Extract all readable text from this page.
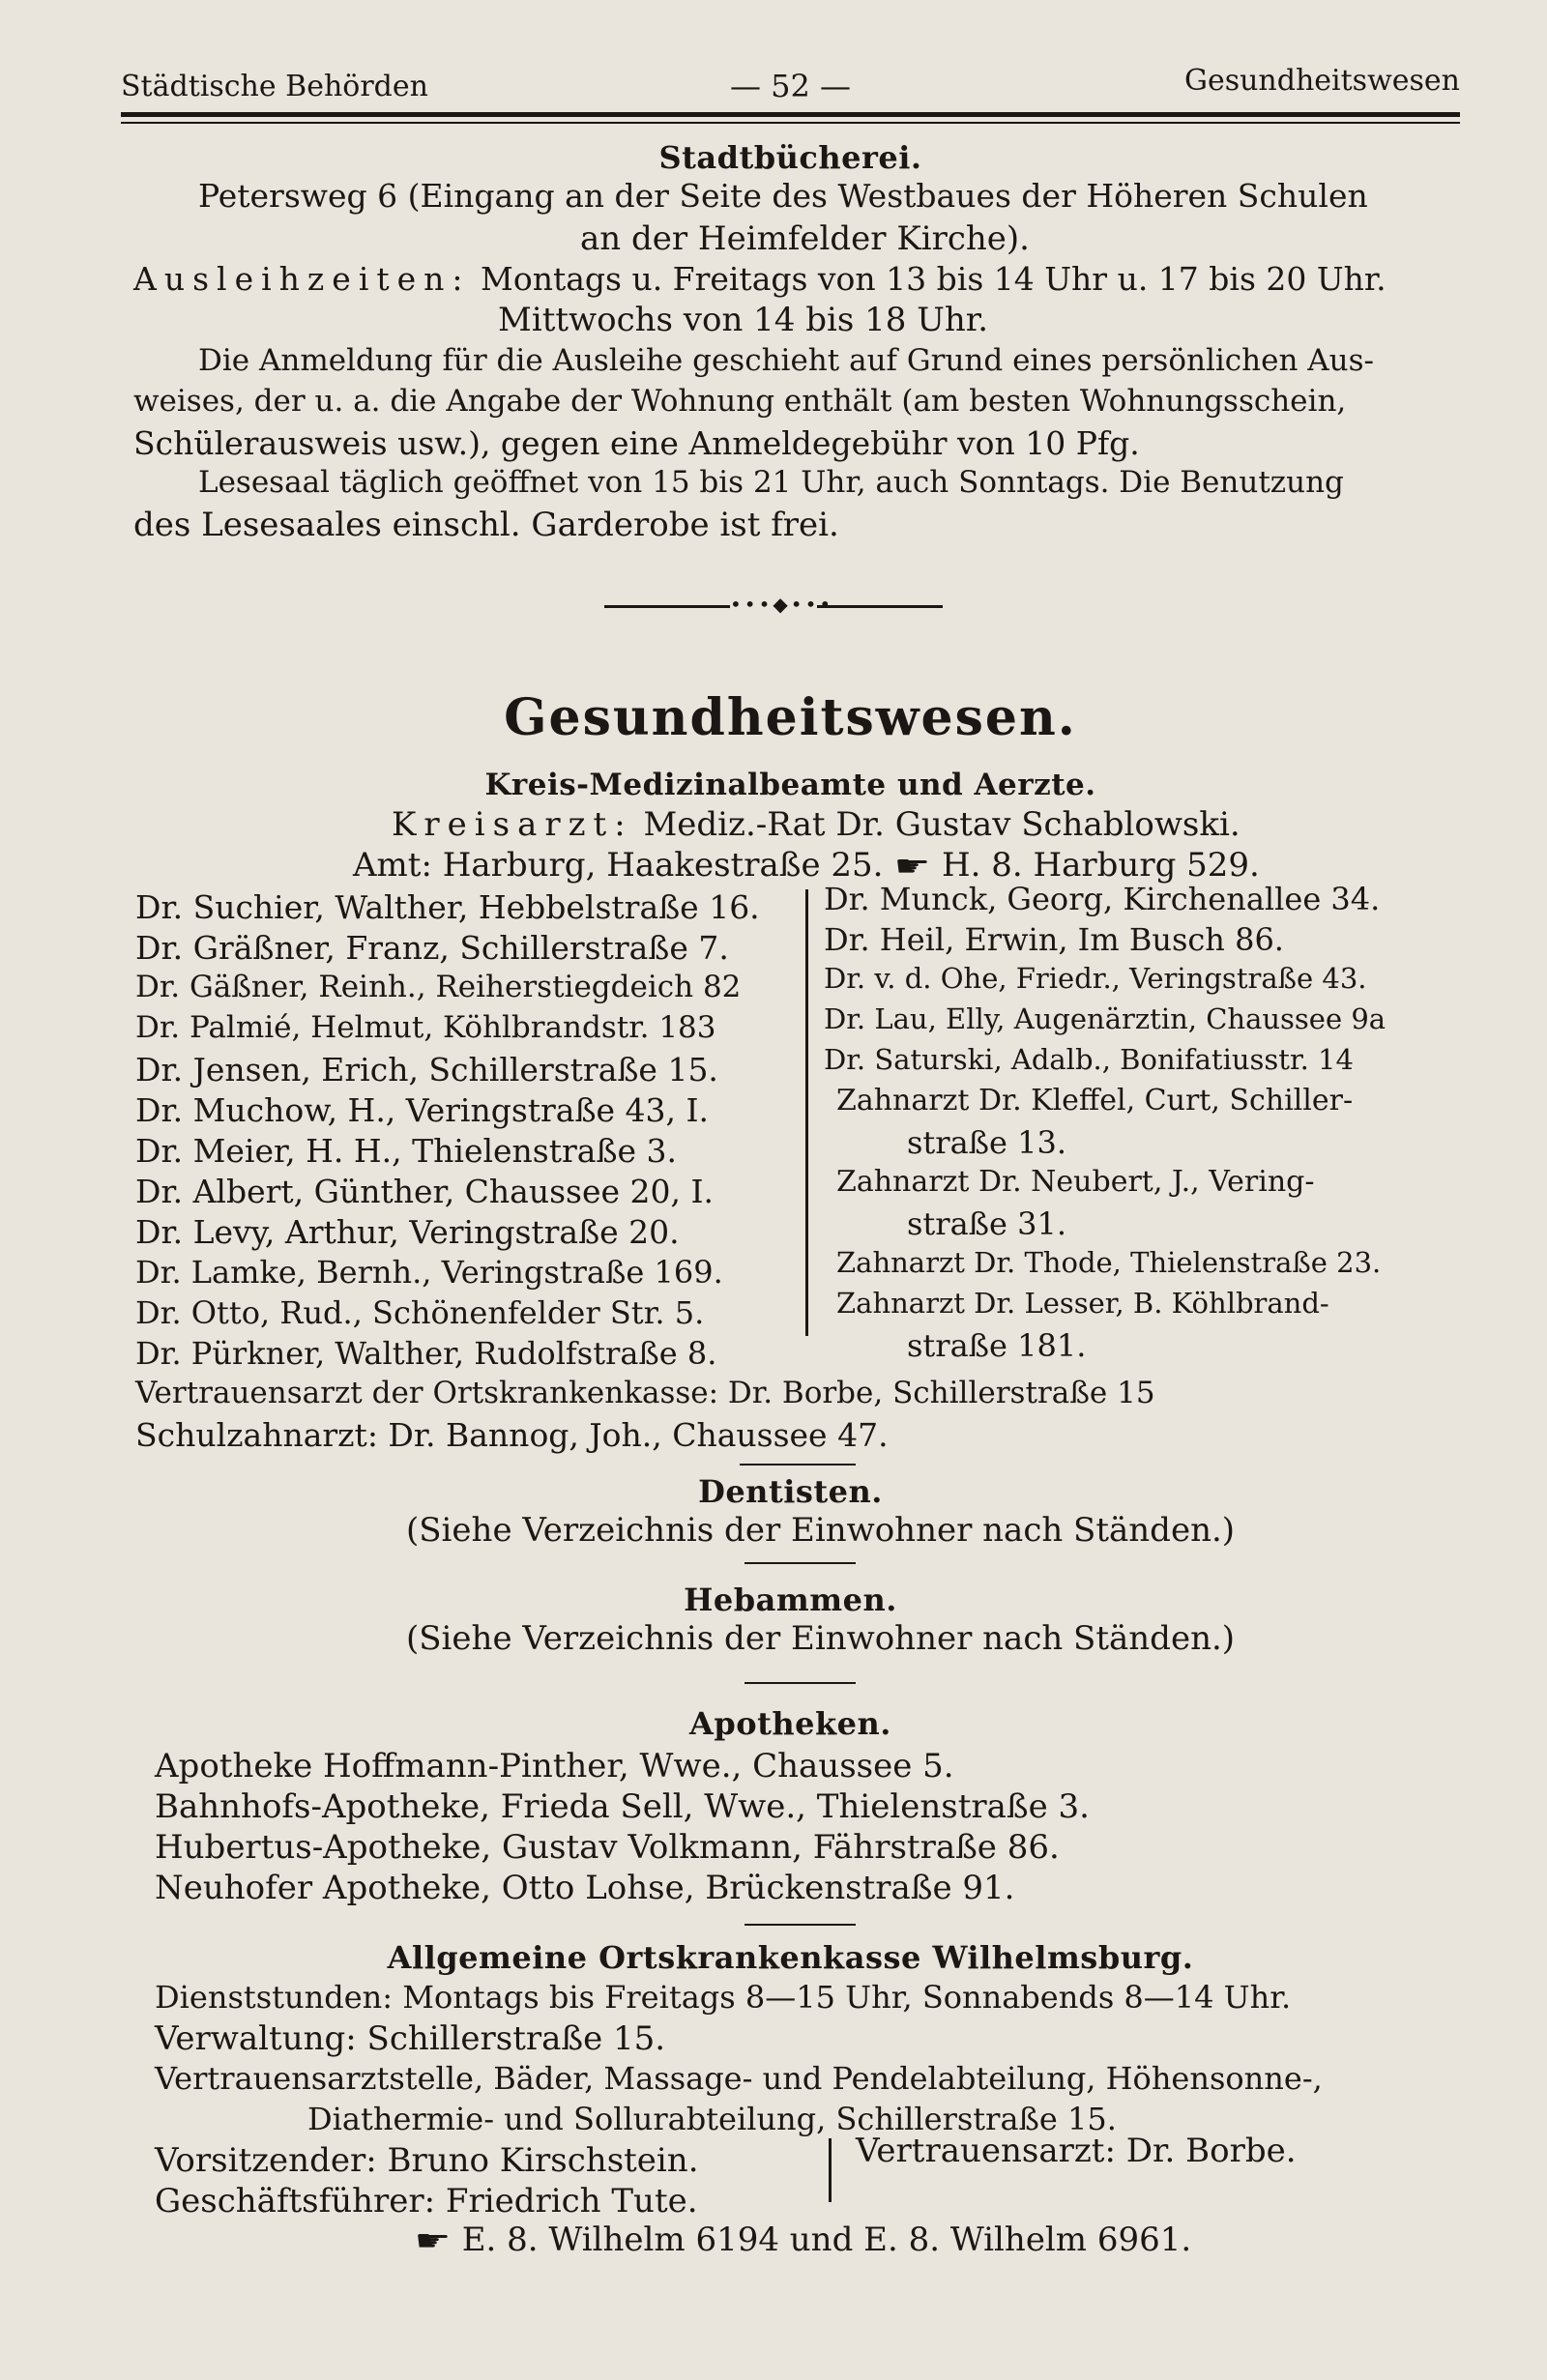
Städtische Behörden	— 52 —	Gesundheitswesen
Stadtbücherei.
Petersweg 6 (Eingang an der Seite des Westbaues der Höheren Schulen
an der Heimfelder Kirche).
Ausleihzeiten: Montags u. Freitags von 13 bis 14 Uhr u. 17 bis 20 Uhr.
Mittwochs von 14 bis 18 Uhr.
Die Anmeldung für die Ausleihe geschieht auf Grund eines persönlichen Aus-
weises, der u. a. die Angabe der Wohnung enthält (am besten Wohnungsschein,
Schülerausweis usw.), gegen eine Anmeldegebühr von 10 Pfg.
Lesesaal täglich geöffnet von 15 bis 21 Uhr, auch Sonntags. Die Benutzung
des Lesesaales einschl. Garderobe ist frei.
•••◆•••
Gesundheitswesen.
Kreis-Medizinalbeamte und Aerzte.
Kreisarzt: Mediz.-Rat Dr. Gustav Schablowski.
Amt: Harburg, Haakestraße 25. ☛ H. 8. Harburg 529.
Dr. Suchier, Walther, Hebbelstraße 16.
Dr. Gräßner, Franz, Schillerstraße 7.
Dr. Gäßner, Reinh., Reiherstiegdeich 82
Dr. Palmié, Helmut, Köhlbrandstr. 183
Dr. Jensen, Erich, Schillerstraße 15.
Dr. Muchow, H., Veringstraße 43, I.
Dr. Meier, H. H., Thielenstraße 3.
Dr. Albert, Günther, Chaussee 20, I.
Dr. Levy, Arthur, Veringstraße 20.
Dr. Lamke, Bernh., Veringstraße 169.
Dr. Otto, Rud., Schönenfelder Str. 5.
Dr. Pürkner, Walther, Rudolfstraße 8.
Dr. Munck, Georg, Kirchenallee 34.
Dr. Heil, Erwin, Im Busch 86.
Dr. v. d. Ohe, Friedr., Veringstraße 43.
Dr. Lau, Elly, Augenärztin, Chaussee 9a
Dr. Saturski, Adalb., Bonifatiusstr. 14
Zahnarzt Dr. Kleffel, Curt, Schiller-
straße 13.
Zahnarzt Dr. Neubert, J., Vering-
straße 31.
Zahnarzt Dr. Thode, Thielenstraße 23.
Zahnarzt Dr. Lesser, B. Köhlbrand-
straße 181.
Vertrauensarzt der Ortskrankenkasse: Dr. Borbe, Schillerstraße 15
Schulzahnarzt: Dr. Bannog, Joh., Chaussee 47.
Dentisten.
(Siehe Verzeichnis der Einwohner nach Ständen.)
Hebammen.
(Siehe Verzeichnis der Einwohner nach Ständen.)
Apotheken.
Apotheke Hoffmann-Pinther, Wwe., Chaussee 5.
Bahnhofs-Apotheke, Frieda Sell, Wwe., Thielenstraße 3.
Hubertus-Apotheke, Gustav Volkmann, Fährstraße 86.
Neuhofer Apotheke, Otto Lohse, Brückenstraße 91.
Allgemeine Ortskrankenkasse Wilhelmsburg.
Dienststunden: Montags bis Freitags 8—15 Uhr, Sonnabends 8—14 Uhr.
Verwaltung: Schillerstraße 15.
Vertrauensarztstelle, Bäder, Massage- und Pendelabteilung, Höhensonne-,
Diathermie- und Sollurabteilung, Schillerstraße 15.
Vorsitzender: Bruno Kirschstein.
Geschäftsführer: Friedrich Tute.
Vertrauensarzt: Dr. Borbe.
☛ E. 8. Wilhelm 6194 und E. 8. Wilhelm 6961.
